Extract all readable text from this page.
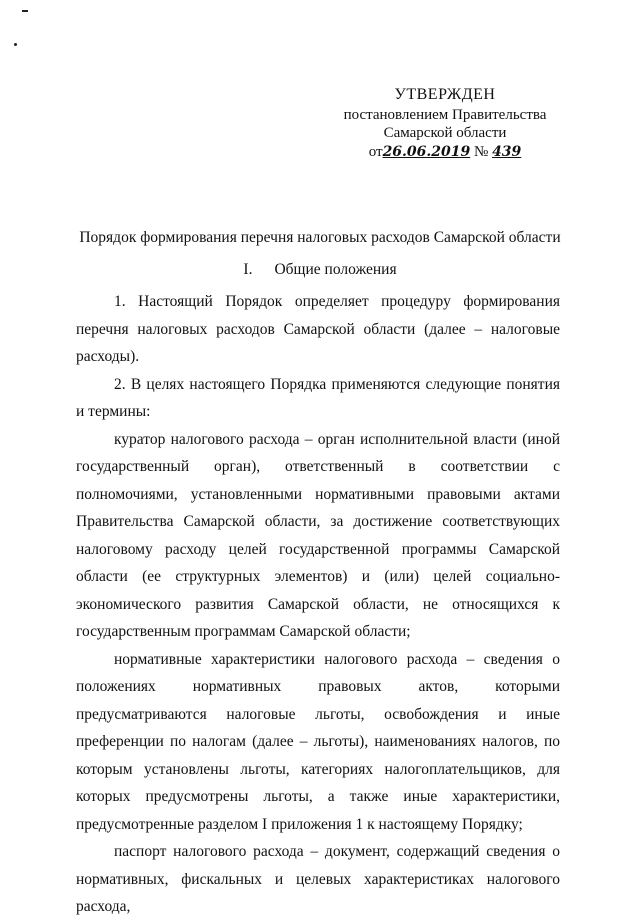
УТВЕРЖДЕН
постановлением Правительства
Самарской области
от26.06.2019 № 439
Порядок формирования перечня налоговых расходов Самарской области
I. Общие положения

1. Настоящий Порядок определяет процедуру формирования перечня налоговых расходов Самарской области (далее – налоговые расходы).

2. В целях настоящего Порядка применяются следующие понятия и термины:

куратор налогового расхода – орган исполнительной власти (иной государственный орган), ответственный в соответствии с полномочиями, установленными нормативными правовыми актами Правительства Самарской области, за достижение соответствующих налоговому расходу целей государственной программы Самарской области (ее структурных элементов) и (или) целей социально-экономического развития Самарской области, не относящихся к государственным программам Самарской области;

нормативные характеристики налогового расхода – сведения о положениях нормативных правовых актов, которыми предусматриваются налоговые льготы, освобождения и иные преференции по налогам (далее – льготы), наименованиях налогов, по которым установлены льготы, категориях налогоплательщиков, для которых предусмотрены льготы, а также иные характеристики, предусмотренные разделом I приложения 1 к настоящему Порядку;

паспорт налогового расхода – документ, содержащий сведения о нормативных, фискальных и целевых характеристиках налогового расхода,
